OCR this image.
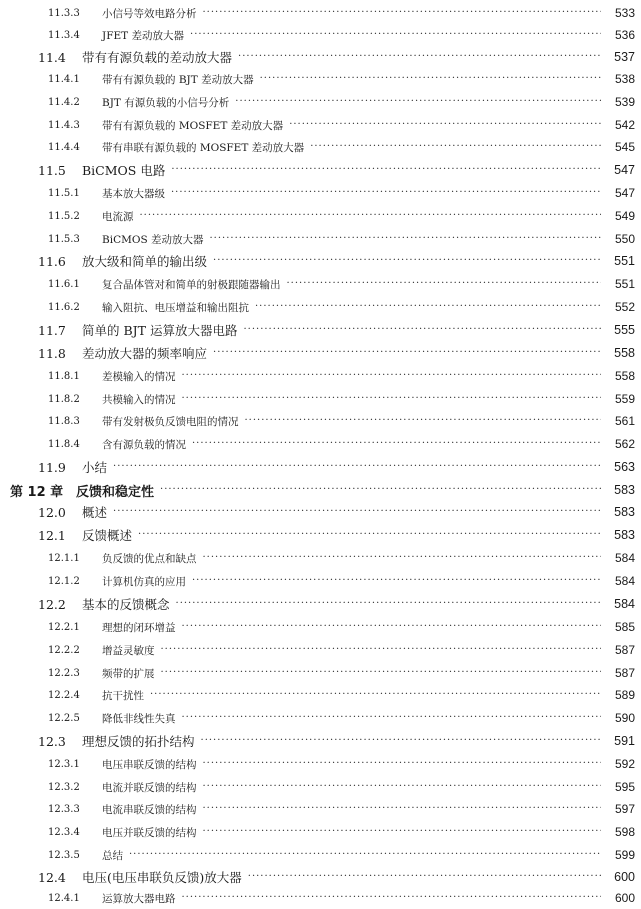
11.3.3	小信号等效电路分析 ·····	533
11.3.4	JFET 差动放大器 ·····	536
11.4 带有有源负载的差动放大器 ·····	537
11.4.1	带有有源负载的 BJT 差动放大器 ·····	538
11.4.2	BJT 有源负载的小信号分析 ·····	539
11.4.3	带有有源负载的 MOSFET 差动放大器 ·····	542
11.4.4	带有串联有源负载的 MOSFET 差动放大器 ·····	545
11.5 BiCMOS 电路 ·····	547
11.5.1	基本放大器级 ·····	547
11.5.2	电流源 ·····	549
11.5.3	BiCMOS 差动放大器 ·····	550
11.6 放大级和简单的输出级 ·····	551
11.6.1	复合晶体管对和简单的射极跟随器输出 ·····	551
11.6.2	输入阻抗、电压增益和输出阻抗 ·····	552
11.7 简单的 BJT 运算放大器电路 ·····	555
11.8 差动放大器的频率响应 ·····	558
11.8.1	差模输入的情况 ·····	558
11.8.2	共模输入的情况 ·····	559
11.8.3	带有发射极负反馈电阻的情况 ·····	561
11.8.4	含有源负载的情况 ·····	562
11.9 小结 ·····	563
第 12 章 反馈和稳定性 ·····	583
12.0 概述 ·····	583
12.1 反馈概述 ·····	583
12.1.1	负反馈的优点和缺点 ·····	584
12.1.2	计算机仿真的应用 ·····	584
12.2 基本的反馈概念 ·····	584
12.2.1	理想的闭环增益 ·····	585
12.2.2	增益灵敏度 ·····	587
12.2.3	频带的扩展 ·····	587
12.2.4	抗干扰性 ·····	589
12.2.5	降低非线性失真 ·····	590
12.3 理想反馈的拓扑结构 ·····	591
12.3.1	电压串联反馈的结构 ·····	592
12.3.2	电流并联反馈的结构 ·····	595
12.3.3	电流串联反馈的结构 ·····	597
12.3.4	电压并联反馈的结构 ·····	598
12.3.5	总结 ·····	599
12.4 电压(电压串联负反馈)放大器 ·····	600
12.4.1	运算放大器电路 ·····	600
